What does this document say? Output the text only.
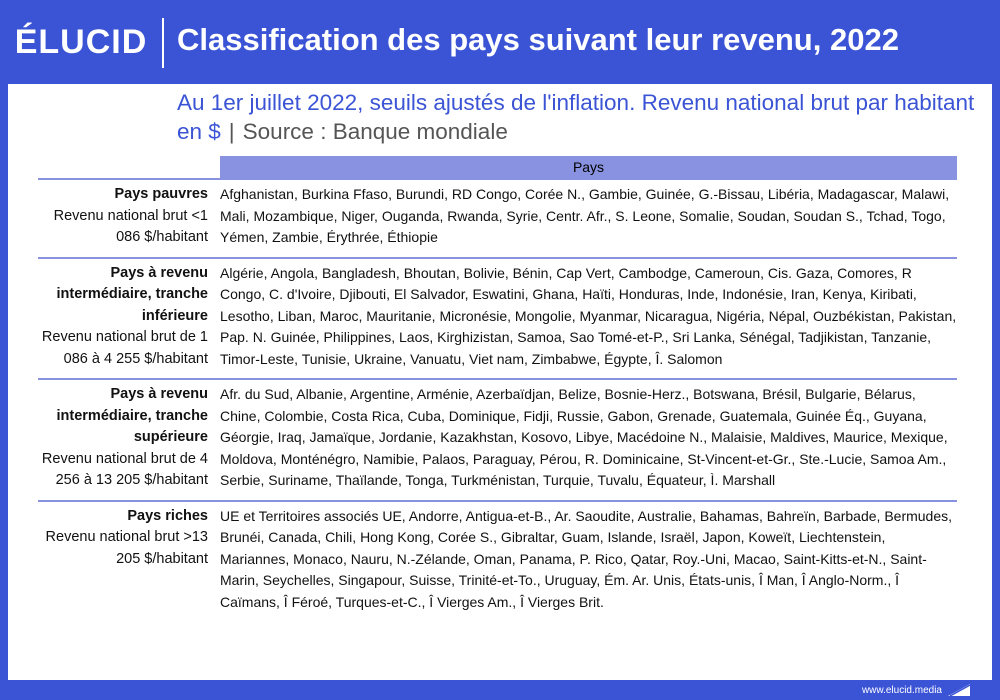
ÉLUCID Classification des pays suivant leur revenu, 2022
Au 1er juillet 2022, seuils ajustés de l'inflation. Revenu national brut par habitant en $ | Source : Banque mondiale
Pays
Pays pauvres
Revenu national brut <1 086 $/habitant
Afghanistan, Burkina Ffaso, Burundi, RD Congo, Corée N., Gambie, Guinée, G.-Bissau, Libéria, Madagascar, Malawi, Mali, Mozambique, Niger, Ouganda, Rwanda, Syrie, Centr. Afr., S. Leone, Somalie, Soudan, Soudan S., Tchad, Togo, Yémen, Zambie, Érythrée, Éthiopie
Pays à revenu intermédiaire, tranche inférieure
Revenu national brut de 1 086 à 4 255 $/habitant
Algérie, Angola, Bangladesh, Bhoutan, Bolivie, Bénin, Cap Vert, Cambodge, Cameroun, Cis. Gaza, Comores, R Congo, C. d'Ivoire, Djibouti, El Salvador, Eswatini, Ghana, Haïti, Honduras, Inde, Indonésie, Iran, Kenya, Kiribati, Lesotho, Liban, Maroc, Mauritanie, Micronésie, Mongolie, Myanmar, Nicaragua, Nigéria, Népal, Ouzbékistan, Pakistan, Pap. N. Guinée, Philippines, Laos, Kirghizistan, Samoa, Sao Tomé-et-P., Sri Lanka, Sénégal, Tadjikistan, Tanzanie, Timor-Leste, Tunisie, Ukraine, Vanuatu, Viet nam, Zimbabwe, Égypte, Î. Salomon
Pays à revenu intermédiaire, tranche supérieure
Revenu national brut de 4 256 à 13 205 $/habitant
Afr. du Sud, Albanie, Argentine, Arménie, Azerbaïdjan, Belize, Bosnie-Herz., Botswana, Brésil, Bulgarie, Bélarus, Chine, Colombie, Costa Rica, Cuba, Dominique, Fidji, Russie, Gabon, Grenade, Guatemala, Guinée Éq., Guyana, Géorgie, Iraq, Jamaïque, Jordanie, Kazakhstan, Kosovo, Libye, Macédoine N., Malaisie, Maldives, Maurice, Mexique, Moldova, Monténégro, Namibie, Palaos, Paraguay, Pérou, R. Dominicaine, St-Vincent-et-Gr., Ste.-Lucie, Samoa Am., Serbie, Suriname, Thaïlande, Tonga, Turkménistan, Turquie, Tuvalu, Équateur, Ì. Marshall
Pays riches
Revenu national brut >13 205 $/habitant
UE et Territoires associés UE, Andorre, Antigua-et-B., Ar. Saoudite, Australie, Bahamas, Bahreïn, Barbade, Bermudes, Brunéi, Canada, Chili, Hong Kong, Corée S., Gibraltar, Guam, Islande, Israël, Japon, Koweït, Liechtenstein, Mariannes, Monaco, Nauru, N.-Zélande, Oman, Panama, P. Rico, Qatar, Roy.-Uni, Macao, Saint-Kitts-et-N., Saint-Marin, Seychelles, Singapour, Suisse, Trinité-et-To., Uruguay, Ém. Ar. Unis, États-unis, Î Man, Î Anglo-Norm., Î Caïmans, Î Féroé, Turques-et-C., Î Vierges Am., Î Vierges Brit.
www.elucid.media
